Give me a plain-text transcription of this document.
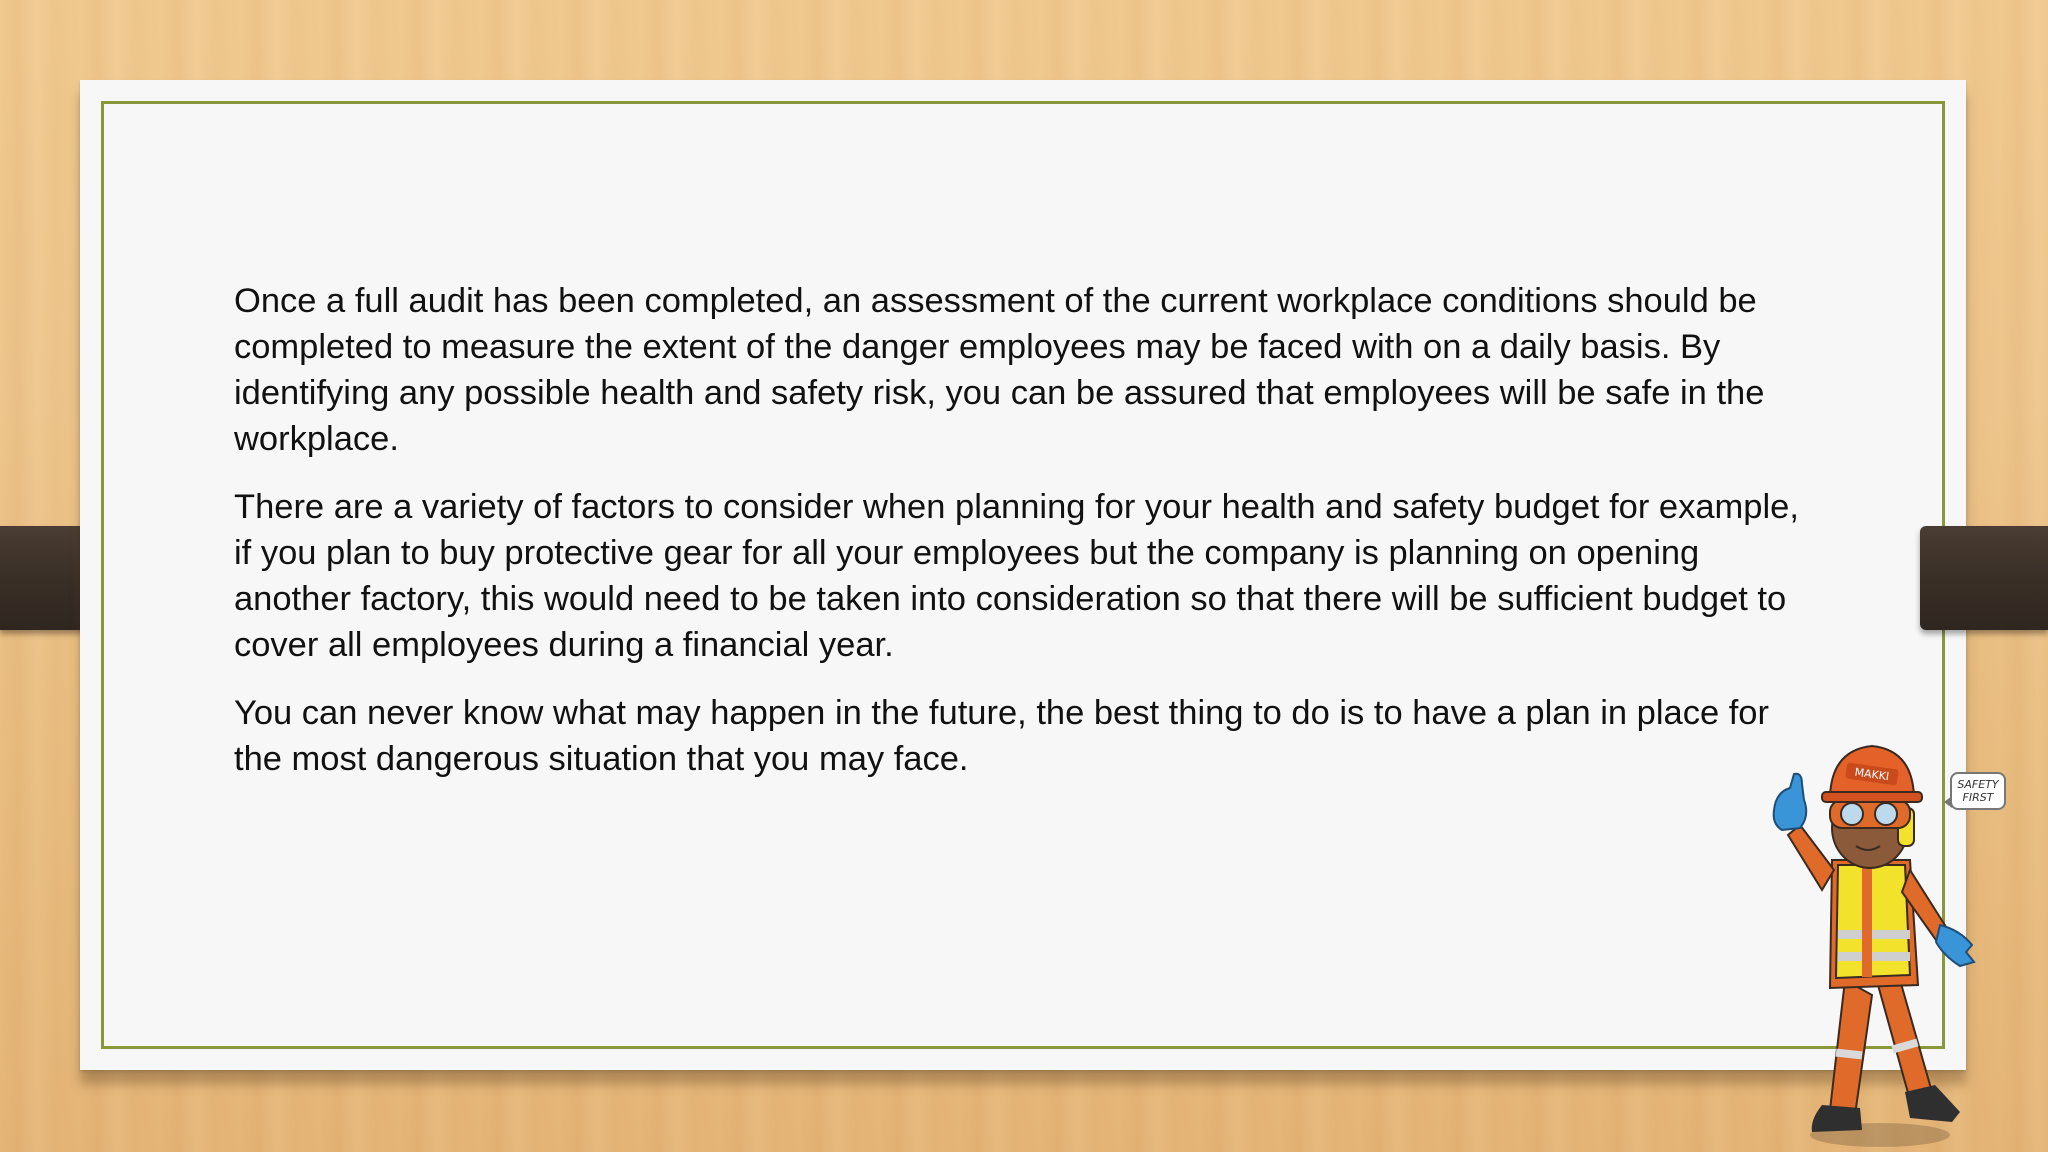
Once a full audit has been completed, an assessment of the current workplace conditions should be completed to measure the extent of the danger employees may be faced with on a daily basis. By identifying any possible health and safety risk, you can be assured that employees will be safe in the workplace.

There are a variety of factors to consider when planning for your health and safety budget for example, if you plan to buy protective gear for all your employees but the company is planning on opening another factory, this would need to be taken into consideration so that there will be sufficient budget to cover all employees during a financial year.

You can never know what may happen in the future, the best thing to do is to have a plan in place for the most dangerous situation that you may face.

SAFETY
FIRST
MAKKI
